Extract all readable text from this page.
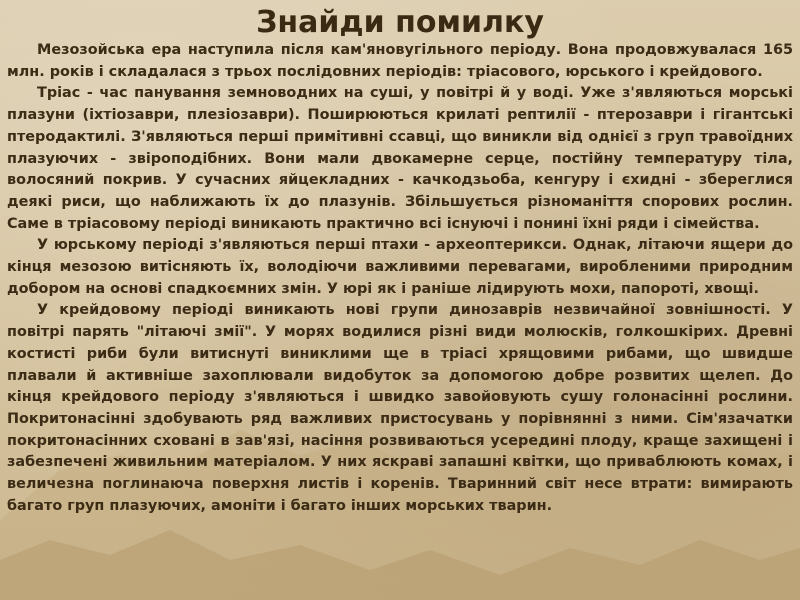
Знайди помилку

Мезозойська ера наступила після кам'яновугільного періоду. Вона продовжувалася 165 млн. років і складалася з трьох послідовних періодів: тріасового, юрського і крейдового.

Тріас - час панування земноводних на суші, у повітрі й у воді. Уже з'являються морські плазуни (іхтіозаври, плезіозаври). Поширюються крилаті рептилії - птерозаври і гігантські птеродактилі. З'являються перші примітивні ссавці, що виникли від однієї з груп травоїдних плазуючих - звіроподібних. Вони мали двокамерне серце, постійну температуру тіла, волосяний покрив. У сучасних яйцекладних - качкодзьоба, кенгуру і єхидні - збереглися деякі риси, що наближають їх до плазунів. Збільшується різноманіття спорових рослин. Саме в тріасовому періоді виникають практично всі існуючі і понині їхні ряди і сімейства.

У юрському періоді з'являються перші птахи - археоптерикси. Однак, літаючи ящери до кінця мезозою витісняють їх, володіючи важливими перевагами, виробленими природним добором на основі спадкоємних змін. У юрі як і раніше лідирують мохи, папороті, хвощі.

У крейдовому періоді виникають нові групи динозаврів незвичайної зовнішності. У повітрі парять "літаючі змії". У морях водилися різні види молюсків, голкошкірих. Древні костисті риби були витиснуті виниклими ще в тріасі хрящовими рибами, що швидше плавали й активніше захоплювали видобуток за допомогою добре розвитих щелеп. До кінця крейдового періоду з'являються і швидко завойовують сушу голонасінні рослини. Покритонасінні здобувають ряд важливих пристосувань у порівнянні з ними. Сім'язачатки покритонасінних сховані в зав'язі, насіння розвиваються усередині плоду, краще захищені і забезпечені живильним матеріалом. У них яскраві запашні квітки, що приваблюють комах, і величезна поглинаюча поверхня листів і коренів. Тваринний світ несе втрати: вимирають багато груп плазуючих, амоніти і багато інших морських тварин.
